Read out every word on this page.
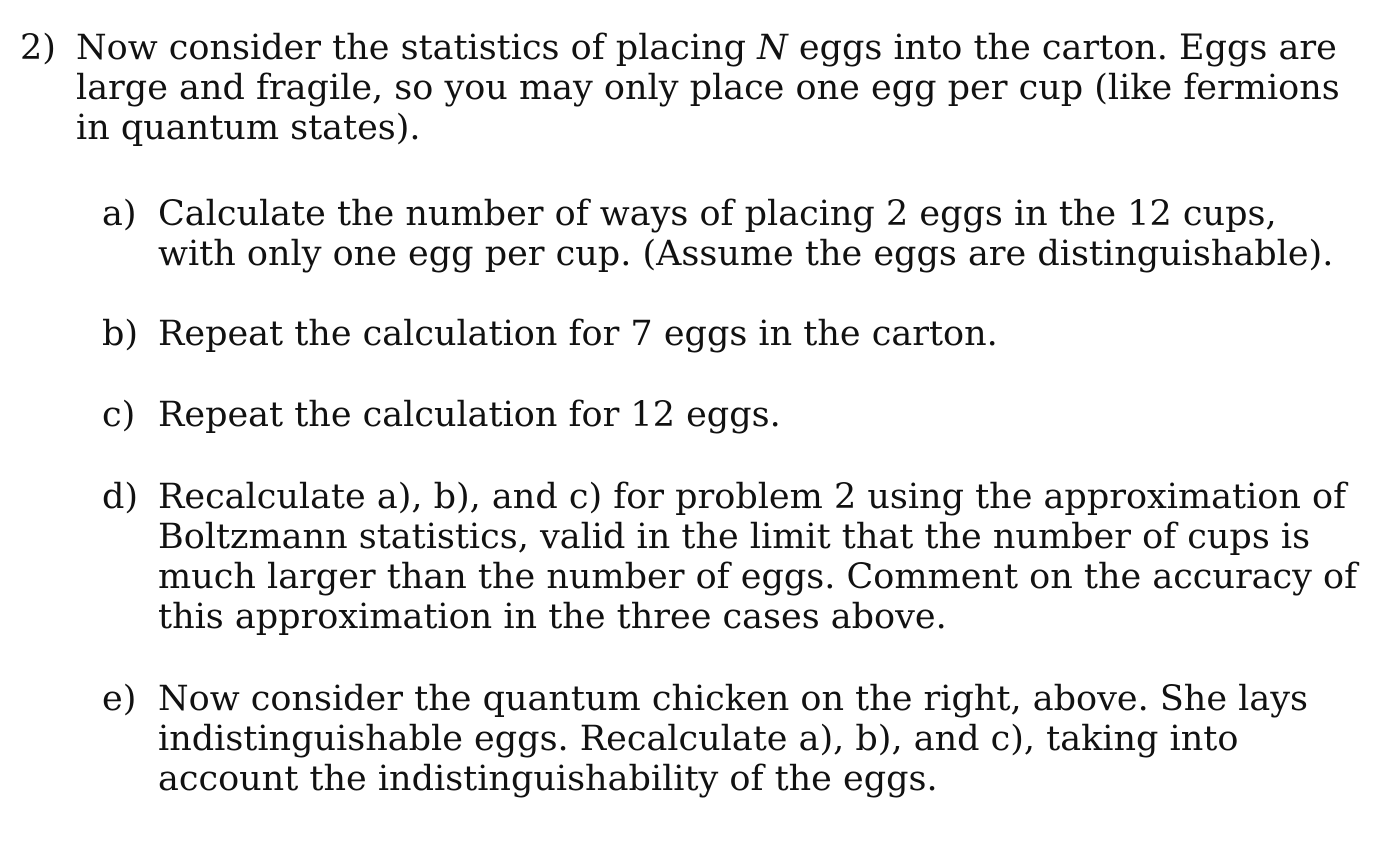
2) Now consider the statistics of placing N eggs into the carton. Eggs are large and fragile, so you may only place one egg per cup (like fermions in quantum states).
a) Calculate the number of ways of placing 2 eggs in the 12 cups, with only one egg per cup. (Assume the eggs are distinguishable).
b) Repeat the calculation for 7 eggs in the carton.
c) Repeat the calculation for 12 eggs.
d) Recalculate a), b), and c) for problem 2 using the approximation of Boltzmann statistics, valid in the limit that the number of cups is much larger than the number of eggs. Comment on the accuracy of this approximation in the three cases above.
e) Now consider the quantum chicken on the right, above. She lays indistinguishable eggs. Recalculate a), b), and c), taking into account the indistinguishability of the eggs.
